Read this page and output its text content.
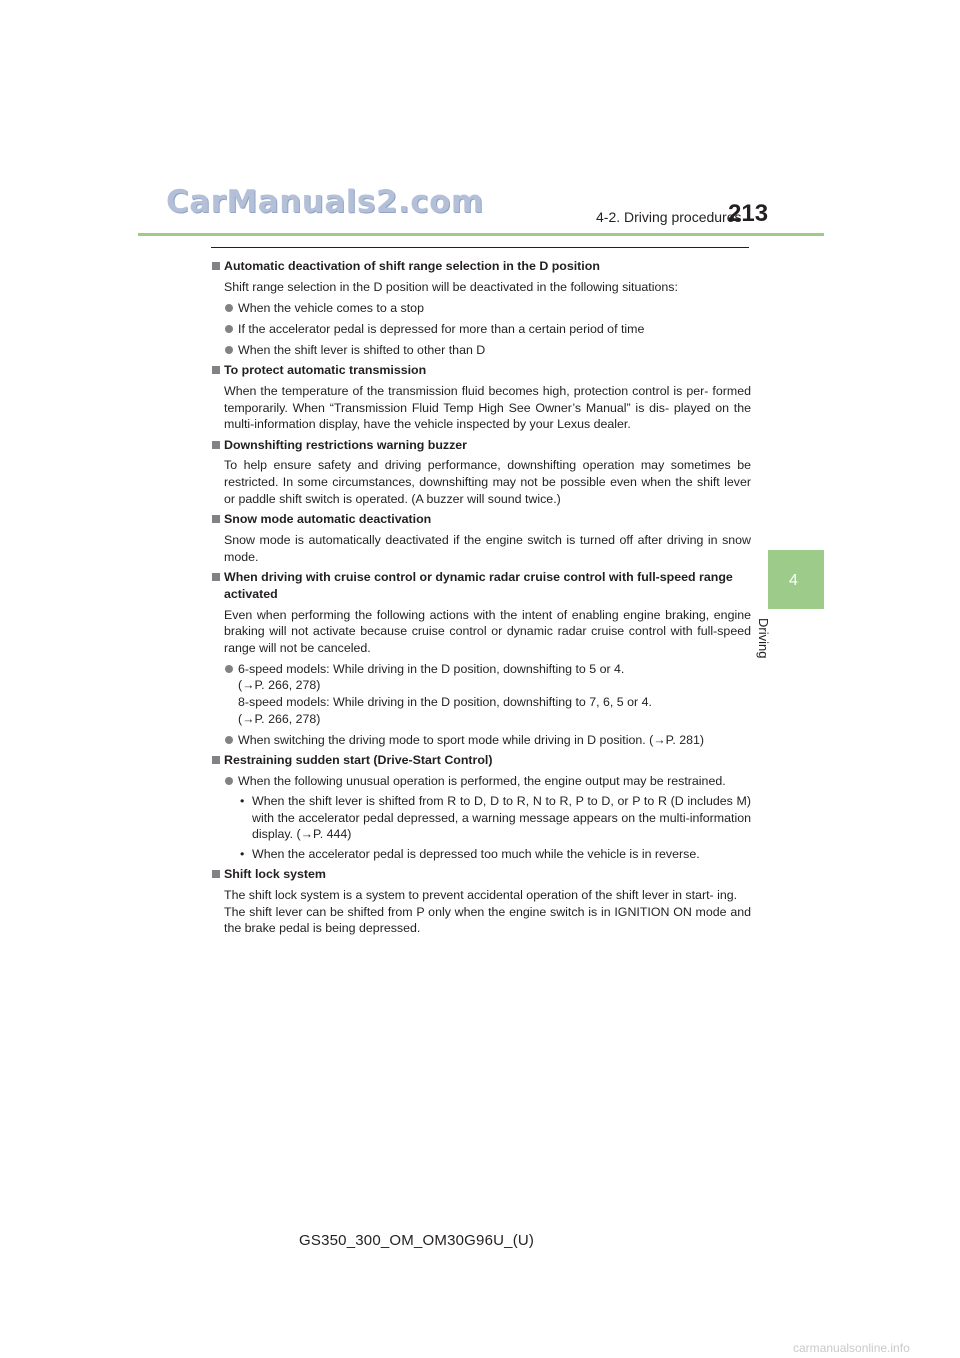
CarManuals2.com	4-2. Driving procedures
213
4
Driving
Automatic deactivation of shift range selection in the D position
Shift range selection in the D position will be deactivated in the following situations:
When the vehicle comes to a stop
If the accelerator pedal is depressed for more than a certain period of time
When the shift lever is shifted to other than D
To protect automatic transmission
When the temperature of the transmission fluid becomes high, protection control is per- formed temporarily. When “Transmission Fluid Temp High See Owner’s Manual” is dis- played on the multi-information display, have the vehicle inspected by your Lexus dealer.
Downshifting restrictions warning buzzer
To help ensure safety and driving performance, downshifting operation may sometimes be restricted. In some circumstances, downshifting may not be possible even when the shift lever or paddle shift switch is operated. (A buzzer will sound twice.)
Snow mode automatic deactivation
Snow mode is automatically deactivated if the engine switch is turned off after driving in snow mode.
When driving with cruise control or dynamic radar cruise control with full-speed range activated
Even when performing the following actions with the intent of enabling engine braking, engine braking will not activate because cruise control or dynamic radar cruise control with full-speed range will not be canceled.
6-speed models: While driving in the D position, downshifting to 5 or 4.
(→P. 266, 278)
8-speed models: While driving in the D position, downshifting to 7, 6, 5 or 4.
(→P. 266, 278)
When switching the driving mode to sport mode while driving in D position. (→P. 281)
Restraining sudden start (Drive-Start Control)
When the following unusual operation is performed, the engine output may be restrained.
• When the shift lever is shifted from R to D, D to R, N to R, P to D, or P to R (D includes M) with the accelerator pedal depressed, a warning message appears on the multi-information display. (→P. 444)
• When the accelerator pedal is depressed too much while the vehicle is in reverse.
Shift lock system
The shift lock system is a system to prevent accidental operation of the shift lever in start- ing.
The shift lever can be shifted from P only when the engine switch is in IGNITION ON mode and the brake pedal is being depressed.
GS350_300_OM_OM30G96U_(U)
carmanualsonline.info
